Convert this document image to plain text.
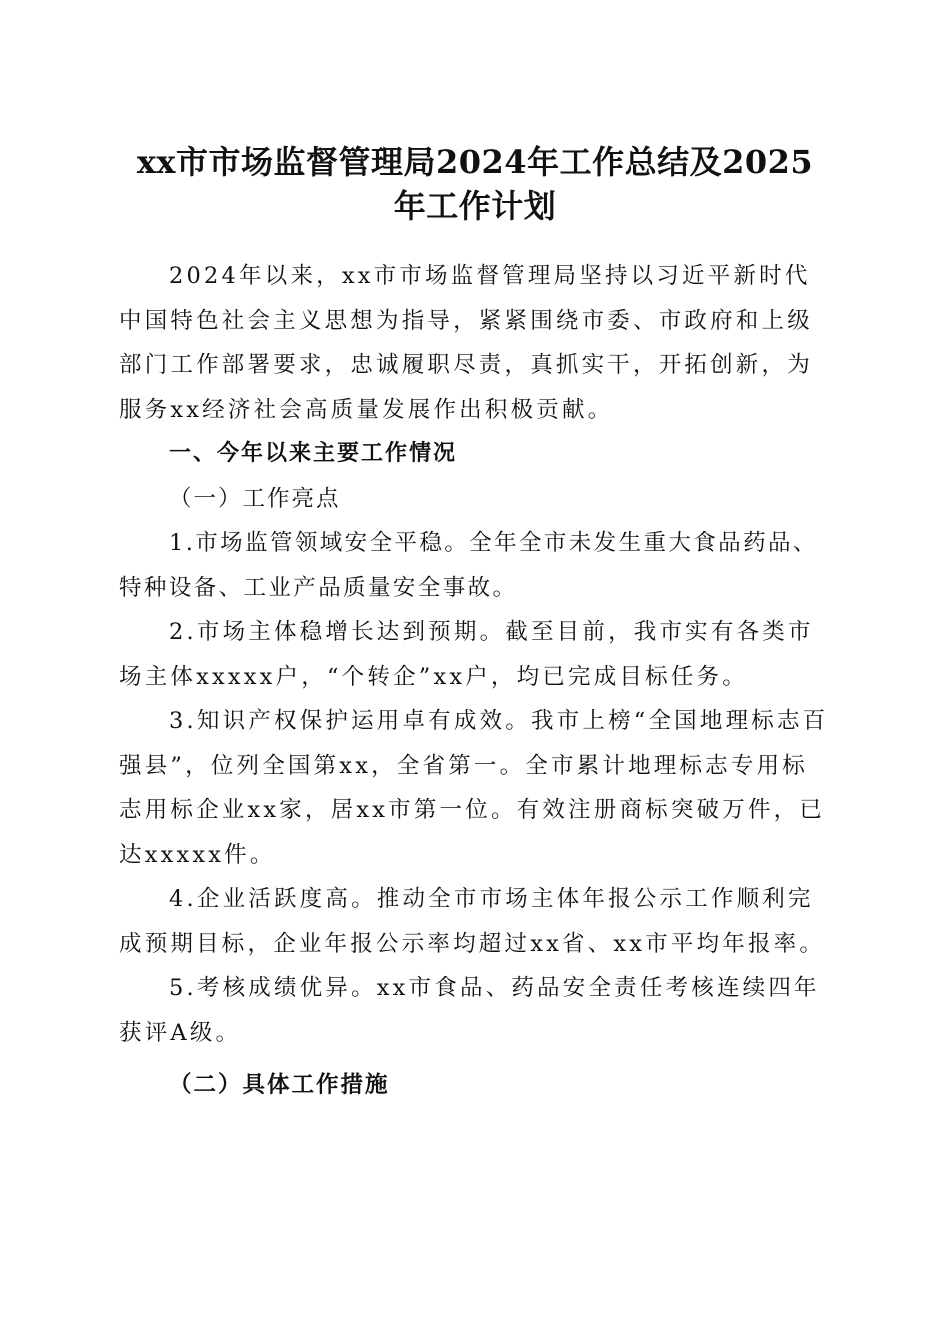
xx市市场监督管理局2024年工作总结及2025
年工作计划

2024年以来，xx市市场监督管理局坚持以习近平新时代中国特色社会主义思想为指导，紧紧围绕市委、市政府和上级部门工作部署要求，忠诚履职尽责，真抓实干，开拓创新，为服务xx经济社会高质量发展作出积极贡献。

一、今年以来主要工作情况

（一）工作亮点

1.市场监管领域安全平稳。全年全市未发生重大食品药品、特种设备、工业产品质量安全事故。

2.市场主体稳增长达到预期。截至目前，我市实有各类市场主体xxxxx户，“个转企”xx户，均已完成目标任务。

3.知识产权保护运用卓有成效。我市上榜“全国地理标志百强县”，位列全国第xx，全省第一。全市累计地理标志专用标志用标企业xx家，居xx市第一位。有效注册商标突破万件，已达xxxxx件。

4.企业活跃度高。推动全市市场主体年报公示工作顺利完成预期目标，企业年报公示率均超过xx省、xx市平均年报率。

5.考核成绩优异。xx市食品、药品安全责任考核连续四年获评A级。

（二）具体工作措施
